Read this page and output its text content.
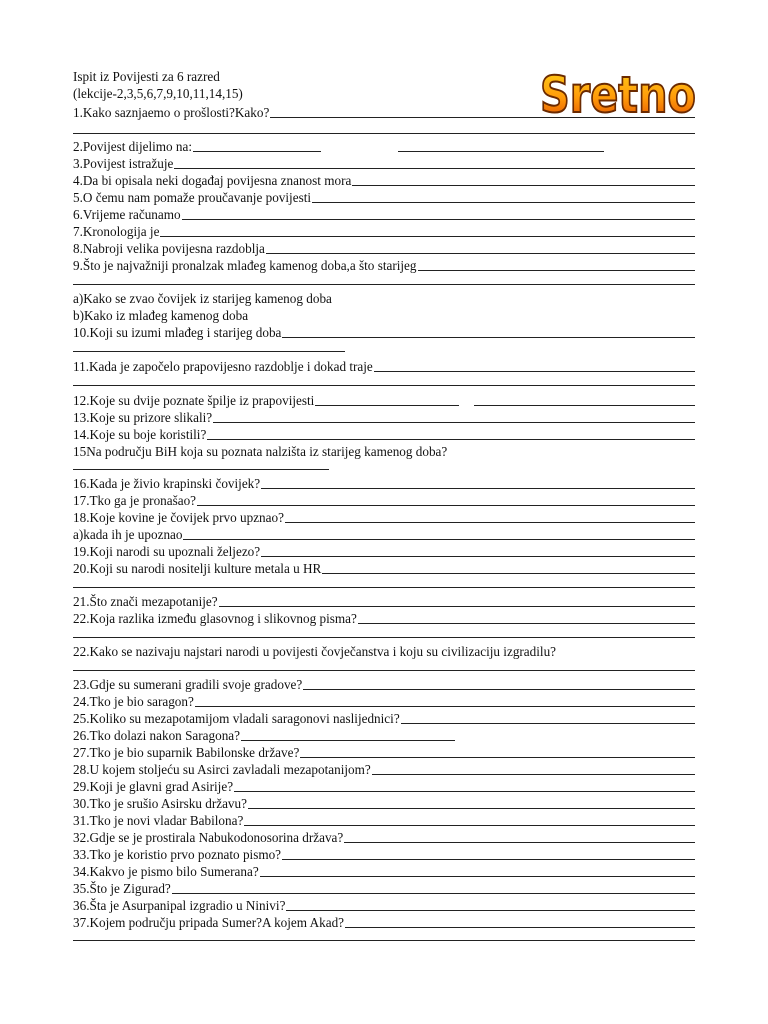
Ispit iz Povijesti za 6 razred
(lekcije-2,3,5,6,7,9,10,11,14,15)	Sretno
1.Kako saznjaemo o prošlosti?Kako?
2.Povijest dijelimo na:
3.Povijest istražuje
4.Da bi opisala neki događaj povijesna znanost mora
5.O čemu nam pomaže proučavanje povijesti
6.Vrijeme računamo
7.Kronologija je
8.Nabroji velika povijesna razdoblja
9.Što je najvažniji pronalzak mlađeg kamenog doba,a što starijeg
a)Kako se zvao čovijek iz starijeg kamenog doba
b)Kako iz mlađeg kamenog doba
10.Koji su izumi mlađeg i starijeg doba
11.Kada je započelo prapovijesno razdoblje i dokad traje
12.Koje su dvije poznate špilje iz prapovijesti
13.Koje su prizore slikali?
14.Koje su boje koristili?
15Na području BiH koja su poznata nalzišta iz starijeg kamenog doba?
16.Kada je živio krapinski čovijek?
17.Tko ga je pronašao?
18.Koje kovine je čovijek prvo upznao?
a)kada ih je upoznao
19.Koji narodi su upoznali željezo?
20.Koji su narodi nositelji kulture metala u HR
21.Što znači mezapotanije?
22.Koja razlika između glasovnog i slikovnog pisma?
22.Kako se nazivaju najstari narodi u povijesti čovječanstva i koju su civilizaciju izgradilu?
23.Gdje su sumerani gradili svoje gradove?
24.Tko je bio saragon?
25.Koliko su mezapotamijom vladali saragonovi naslijednici?
26.Tko dolazi nakon Saragona?
27.Tko je bio suparnik Babilonske države?
28.U kojem stoljeću su Asirci zavladali mezapotanijom?
29.Koji je glavni grad Asirije?
30.Tko je srušio Asirsku državu?
31.Tko je novi vladar Babilona?
32.Gdje se je prostirala Nabukodonosorina država?
33.Tko je koristio prvo poznato pismo?
34.Kakvo je pismo bilo Sumerana?
35.Što je Zigurad?
36.Šta je Asurpanipal izgradio u Ninivi?
37.Kojem području pripada Sumer?A kojem Akad?
